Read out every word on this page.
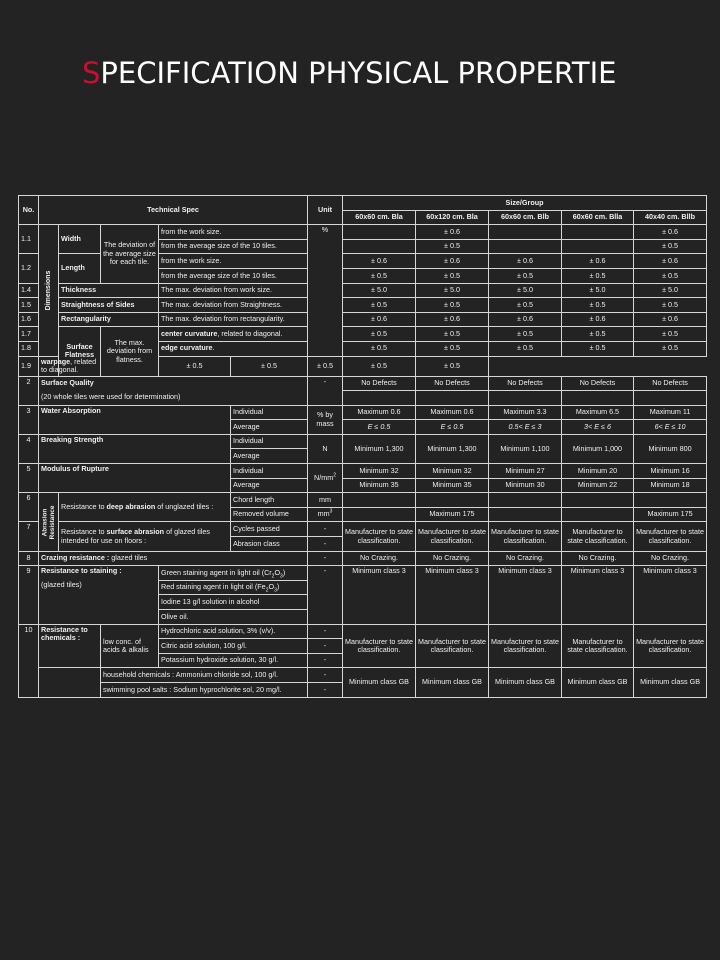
SPECIFICATION PHYSICAL PROPERTIE
No.	Technical Spec					Unit	Size/Group				
							60x60 cm. Bla	60x120 cm. Bla	60x60 cm. Blb	60x60 cm. Blla	40x40 cm. Bllb
1.1	Dimensions	Width	The deviation of the average size for each tile.	from the work size.		%		± 0.6			± 0.6
				from the average size of the 10 tiles.				± 0.5			± 0.5
1.2		Length		from the work size.			± 0.6	± 0.6	± 0.6	± 0.6	± 0.6
				from the average size of the 10 tiles.			± 0.5	± 0.5	± 0.5	± 0.5	± 0.5
1.4		Thickness		The max. deviation from work size.			± 5.0	± 5.0	± 5.0	± 5.0	± 5.0
1.5		Straightness of Sides		The max. deviation from Straightness.			± 0.5	± 0.5	± 0.5	± 0.5	± 0.5
1.6		Rectangularity		The max. deviation from rectangularity.			± 0.6	± 0.6	± 0.6	± 0.6	± 0.6
1.7		Surface Flatness	The max. deviation from flatness.	center curvature, related to diagonal.			± 0.5	± 0.5	± 0.5	± 0.5	± 0.5
1.8				edge curvature.			± 0.5	± 0.5	± 0.5	± 0.5	± 0.5
1.9	warpage, related to diagonal.			± 0.5	± 0.5	± 0.5	± 0.5	± 0.5			
2	Surface Quality					-	No Defects	No Defects	No Defects	No Defects	No Defects
	(20 whole tiles were used for determination)										
3	Water Absorption				Individual	% by mass	Maximum 0.6	Maximum 0.6	Maximum 3.3	Maximum 6.5	Maximum 11
					Average		E ≤ 0.5	E ≤ 0.5	0.5< E ≤ 3	3< E ≤ 6	6< E ≤ 10
4	Breaking Strength				Individual	N	Minimum 1,300	Minimum 1,300	Minimum 1,100	Minimum 1,000	Minimum 800
					Average						
5	Modulus of Rupture				Individual	$N/mm^2$	Minimum 32	Minimum 32	Minimum 27	Minimum 20	Minimum 16
					Average		Minimum 35	Minimum 35	Minimum 30	Minimum 22	Minimum 18
6	Abrasion Resistance	Resistance to deep abrasion of unglazed tiles :			Chord length	mm					
					Removed volume	$mm^3$		Maximum 175			Maximum 175
7		Resistance to surface abrasion of glazed tiles intended for use on floors :			Cycles passed	-	Manufacturer to state classification.	Manufacturer to state classification.	Manufacturer to state classification.	Manufacturer to state classification.	Manufacturer to state classification.
					Abrasion class	-					
8	Crazing resistance : glazed tiles					-	No Crazing.	No Crazing.	No Crazing.	No Crazing.	No Crazing.
9	Resistance to staining :
(glazed tiles)			Green staining agent in light oil $(Cr_2O_3)$		-	Minimum class 3	Minimum class 3	Minimum class 3	Minimum class 3	Minimum class 3
				Red staining agent in light oil $(Fe_2O_3)$							
				Iodine 13 g/l solution in alcohol							
				Olive oil.							
10	Resistance to chemicals :		low conc. of acids & alkalis	Hydrochloric acid solution, 3% (v/v).		-	Manufacturer to state classification.	Manufacturer to state classification.	Manufacturer to state classification.	Manufacturer to state classification.	Manufacturer to state classification.
				Citric acid solution, 100 g/l.		-					
				Potassium hydroxide solution, 30 g/l.		-					
			household chemicals : Ammonium chloride sol, 100 g/l.			-	Minimum class GB	Minimum class GB	Minimum class GB	Minimum class GB	Minimum class GB
			swimming pool salts : Sodium hyprochlorite sol, 20 mg/l.			-					
